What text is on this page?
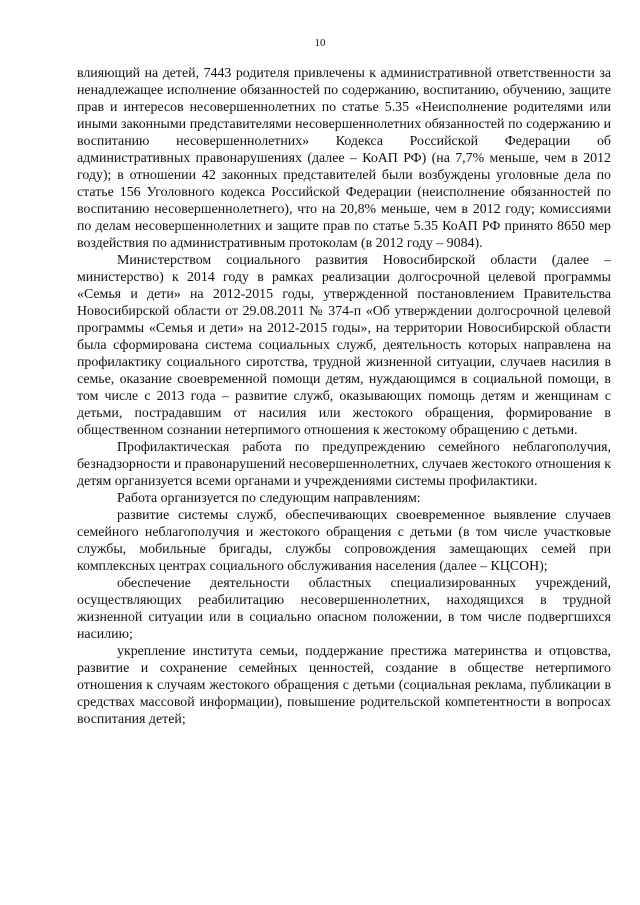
10

влияющий на детей, 7443 родителя привлечены к административной ответственности за ненадлежащее исполнение обязанностей по содержанию, воспитанию, обучению, защите прав и интересов несовершеннолетних по статье 5.35 «Неисполнение родителями или иными законными представителями несовершеннолетних обязанностей по содержанию и воспитанию несовершеннолетних» Кодекса Российской Федерации об административных правонарушениях (далее – КоАП РФ) (на 7,7% меньше, чем в 2012 году); в отношении 42 законных представителей были возбуждены уголовные дела по статье 156 Уголовного кодекса Российской Федерации (неисполнение обязанностей по воспитанию несовершеннолетнего), что на 20,8% меньше, чем в 2012 году; комиссиями по делам несовершеннолетних и защите прав по статье 5.35 КоАП РФ принято 8650 мер воздействия по административным протоколам (в 2012 году – 9084).

Министерством социального развития Новосибирской области (далее – министерство) к 2014 году в рамках реализации долгосрочной целевой программы «Семья и дети» на 2012-2015 годы, утвержденной постановлением Правительства Новосибирской области от 29.08.2011 № 374-п «Об утверждении долгосрочной целевой программы «Семья и дети» на 2012-2015 годы», на территории Новосибирской области была сформирована система социальных служб, деятельность которых направлена на профилактику социального сиротства, трудной жизненной ситуации, случаев насилия в семье, оказание своевременной помощи детям, нуждающимся в социальной помощи, в том числе с 2013 года – развитие служб, оказывающих помощь детям и женщинам с детьми, пострадавшим от насилия или жестокого обращения, формирование в общественном сознании нетерпимого отношения к жестокому обращению с детьми.

Профилактическая работа по предупреждению семейного неблагополучия, безнадзорности и правонарушений несовершеннолетних, случаев жестокого отношения к детям организуется всеми органами и учреждениями системы профилактики.

Работа организуется по следующим направлениям:

развитие системы служб, обеспечивающих своевременное выявление случаев семейного неблагополучия и жестокого обращения с детьми (в том числе участковые службы, мобильные бригады, службы сопровождения замещающих семей при комплексных центрах социального обслуживания населения (далее – КЦСОН);

обеспечение деятельности областных специализированных учреждений, осуществляющих реабилитацию несовершеннолетних, находящихся в трудной жизненной ситуации или в социально опасном положении, в том числе подвергшихся насилию;

укрепление института семьи, поддержание престижа материнства и отцовства, развитие и сохранение семейных ценностей, создание в обществе нетерпимого отношения к случаям жестокого обращения с детьми (социальная реклама, публикации в средствах массовой информации), повышение родительской компетентности в вопросах воспитания детей;
